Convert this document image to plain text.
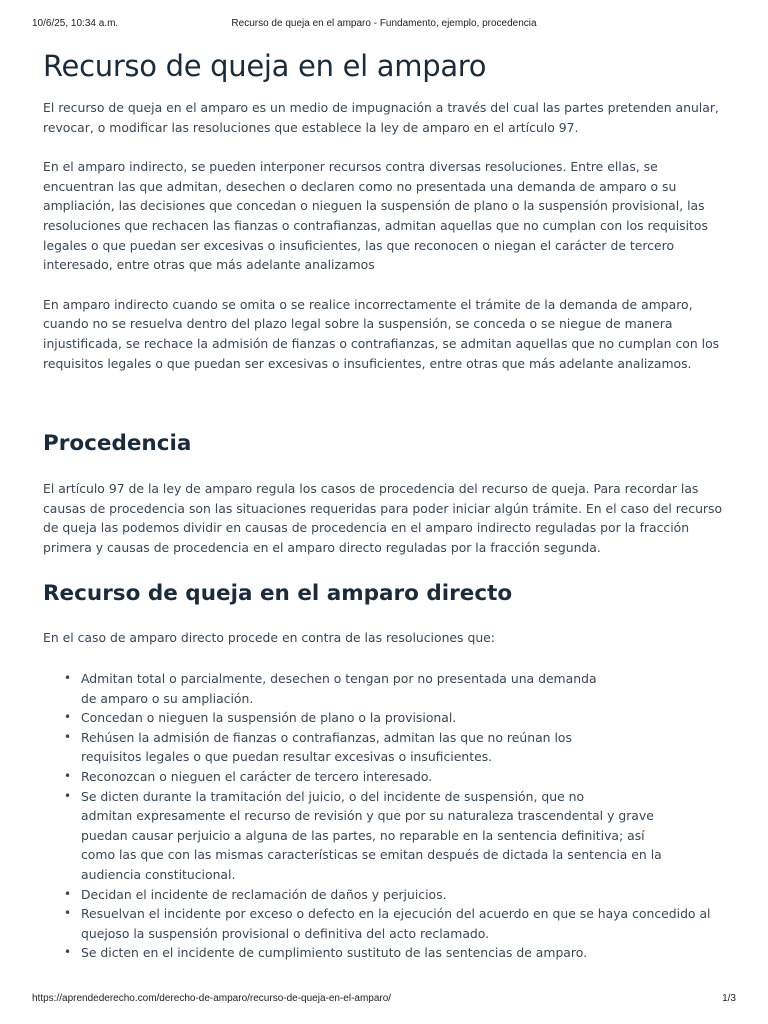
10/6/25, 10:34 a.m.	Recurso de queja en el amparo - Fundamento, ejemplo, procedencia
Recurso de queja en el amparo

El recurso de queja en el amparo es un medio de impugnación a través del cual las partes pretenden anular, revocar, o modificar las resoluciones que establece la ley de amparo en el artículo 97.

En el amparo indirecto, se pueden interponer recursos contra diversas resoluciones. Entre ellas, se encuentran las que admitan, desechen o declaren como no presentada una demanda de amparo o su ampliación, las decisiones que concedan o nieguen la suspensión de plano o la suspensión provisional, las resoluciones que rechacen las fianzas o contrafianzas, admitan aquellas que no cumplan con los requisitos legales o que puedan ser excesivas o insuficientes, las que reconocen o niegan el carácter de tercero interesado, entre otras que más adelante analizamos

En amparo indirecto cuando se omita o se realice incorrectamente el trámite de la demanda de amparo, cuando no se resuelva dentro del plazo legal sobre la suspensión, se conceda o se niegue de manera injustificada, se rechace la admisión de fianzas o contrafianzas, se admitan aquellas que no cumplan con los requisitos legales o que puedan ser excesivas o insuficientes, entre otras que más adelante analizamos.

Procedencia

El artículo 97 de la ley de amparo regula los casos de procedencia del recurso de queja. Para recordar las causas de procedencia son las situaciones requeridas para poder iniciar algún trámite. En el caso del recurso de queja las podemos dividir en causas de procedencia en el amparo indirecto reguladas por la fracción primera y causas de procedencia en el amparo directo reguladas por la fracción segunda.

Recurso de queja en el amparo directo

En el caso de amparo directo procede en contra de las resoluciones que:

• Admitan total o parcialmente, desechen o tengan por no presentada una demanda
de amparo o su ampliación.
• Concedan o nieguen la suspensión de plano o la provisional.
• Rehúsen la admisión de fianzas o contrafianzas, admitan las que no reúnan los
requisitos legales o que puedan resultar excesivas o insuficientes.
• Reconozcan o nieguen el carácter de tercero interesado.
• Se dicten durante la tramitación del juicio, o del incidente de suspensión, que no
admitan expresamente el recurso de revisión y que por su naturaleza trascendental y grave
puedan causar perjuicio a alguna de las partes, no reparable en la sentencia definitiva; así
como las que con las mismas características se emitan después de dictada la sentencia en la
audiencia constitucional.
• Decidan el incidente de reclamación de daños y perjuicios.
• Resuelvan el incidente por exceso o defecto en la ejecución del acuerdo en que se haya concedido al
quejoso la suspensión provisional o definitiva del acto reclamado.
• Se dicten en el incidente de cumplimiento sustituto de las sentencias de amparo.
https://aprendederecho.com/derecho-de-amparo/recurso-de-queja-en-el-amparo/	1/3
